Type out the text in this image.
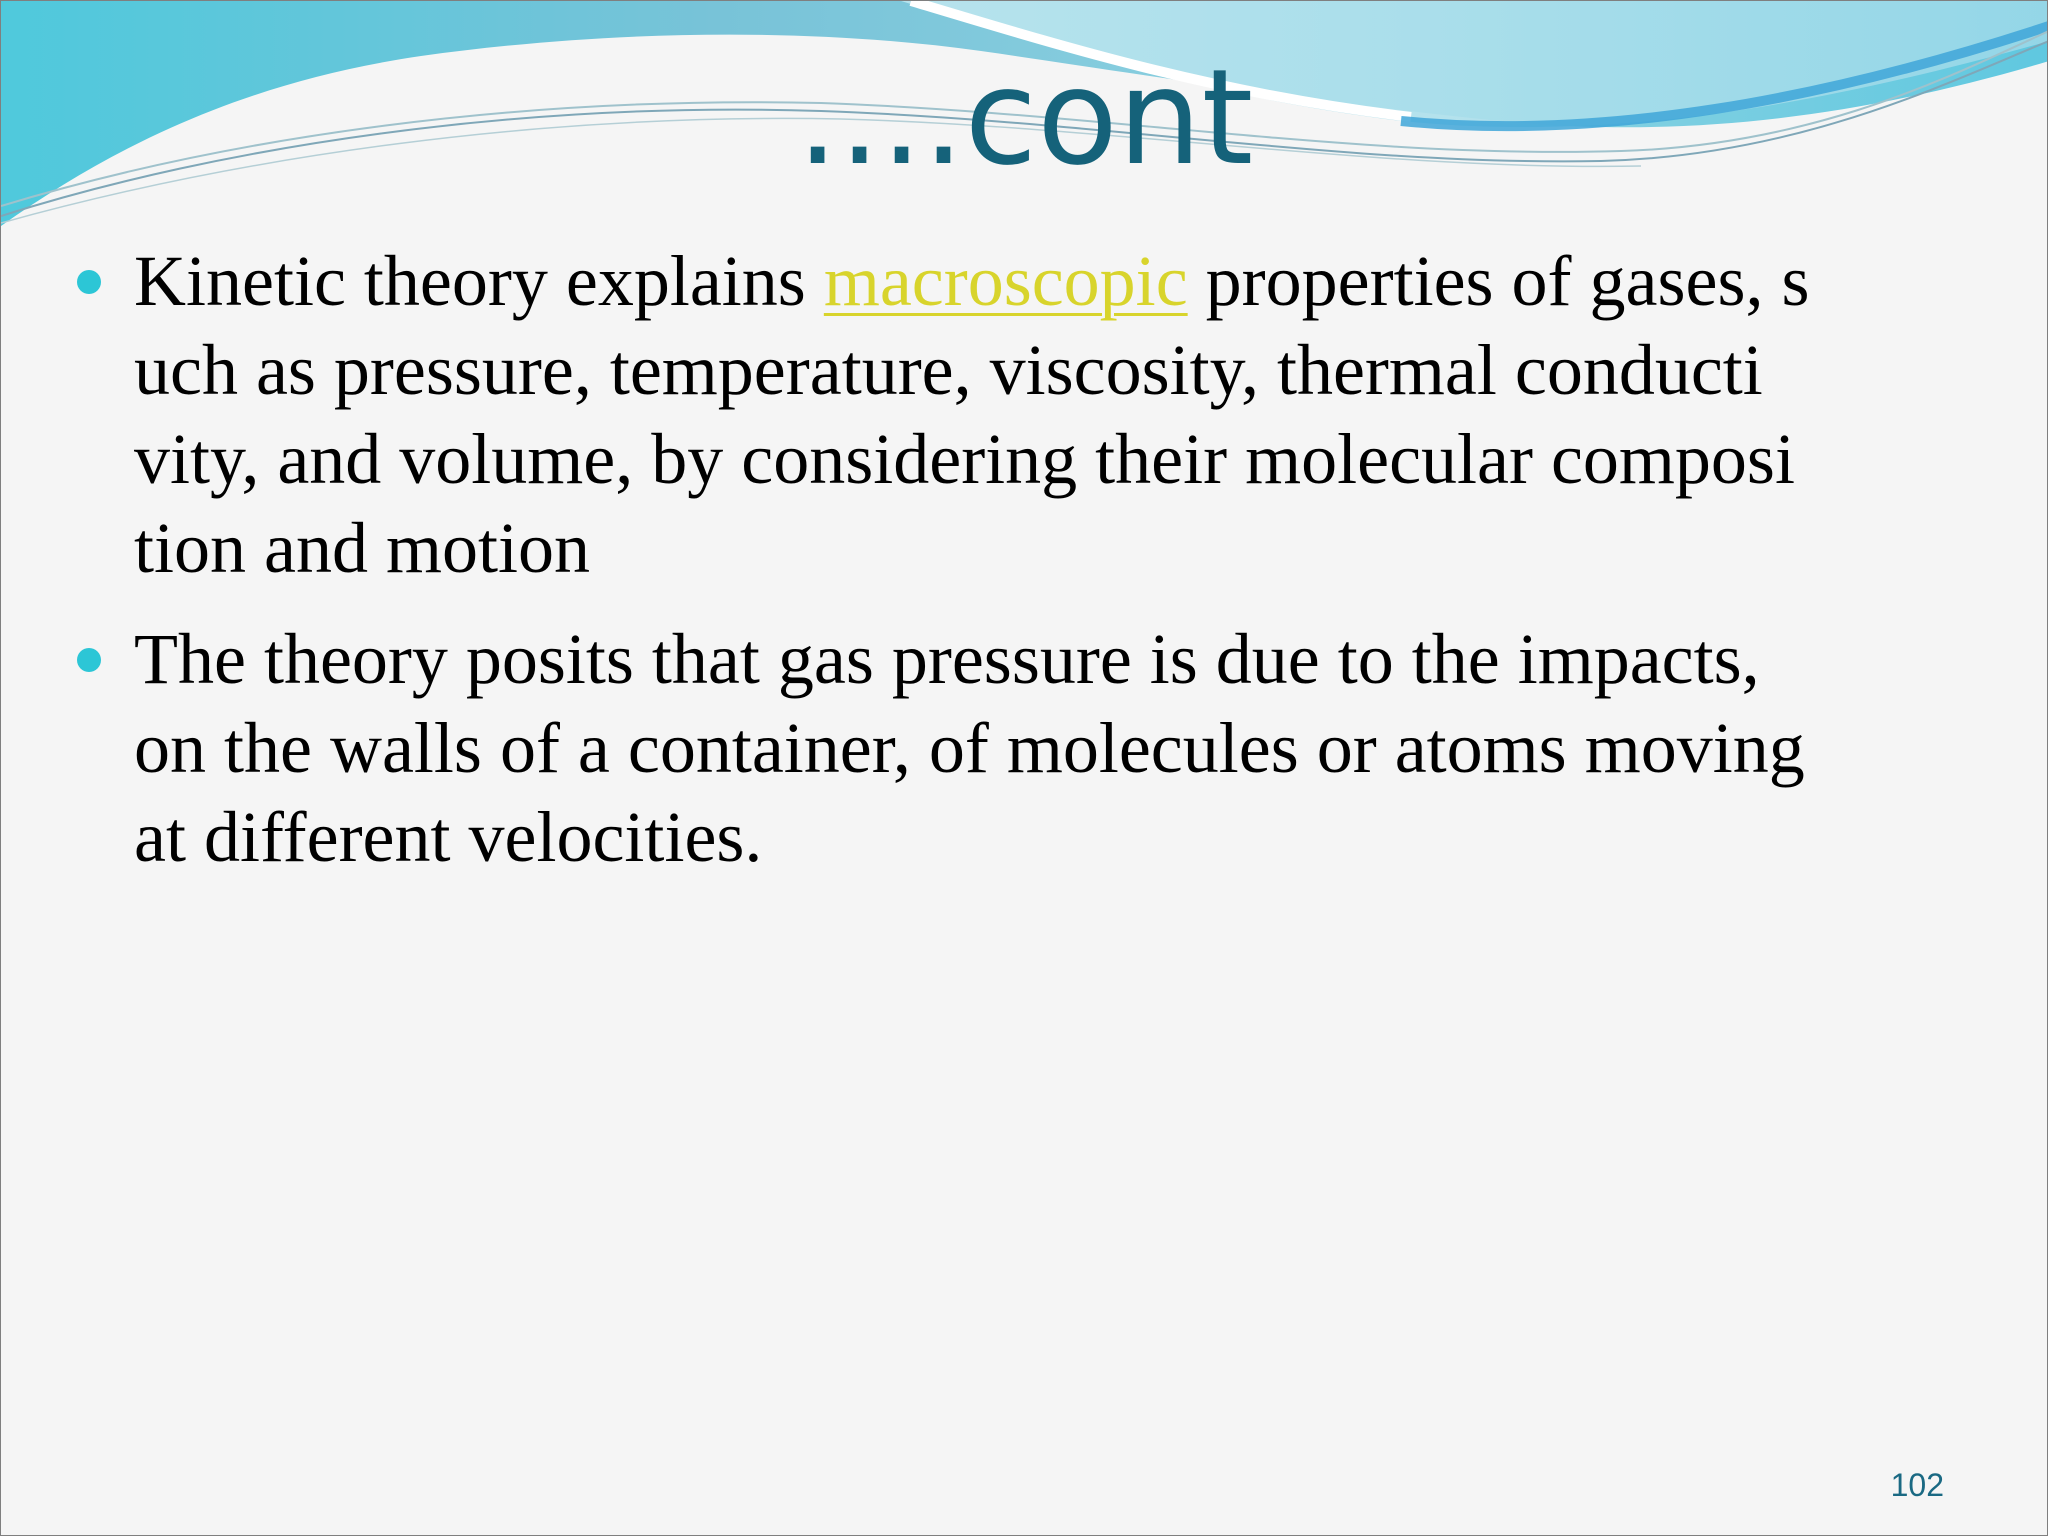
....cont
Kinetic theory explains macroscopic properties of gases, s
uch as pressure, temperature, viscosity, thermal conducti
vity, and volume, by considering their molecular composi
tion and motion
The theory posits that gas pressure is due to the impacts,
on the walls of a container, of molecules or atoms moving
at different velocities.
102
